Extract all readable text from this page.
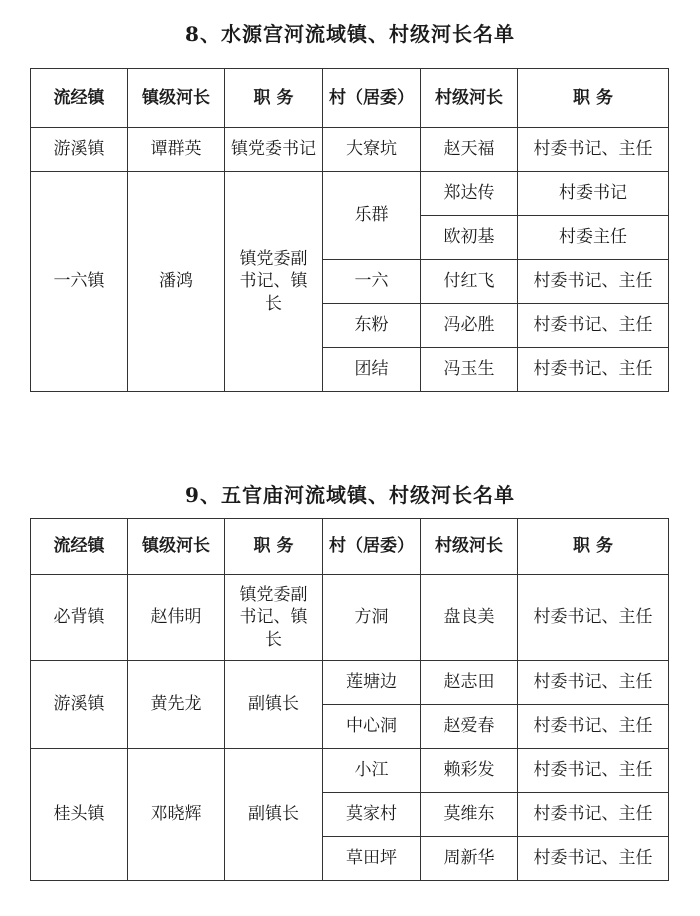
8、水源宫河流域镇、村级河长名单
流经镇	镇级河长	职 务	村（居委）	村级河长	职 务
游溪镇	谭群英	镇党委书记	大寮坑	赵天福	村委书记、主任
一六镇	潘鸿	镇党委副书记、镇长	乐群	郑达传	村委书记
				欧初基	村委主任
			一六	付红飞	村委书记、主任
			东粉	冯必胜	村委书记、主任
			团结	冯玉生	村委书记、主任
9、五官庙河流域镇、村级河长名单
流经镇	镇级河长	职 务	村（居委）	村级河长	职 务
必背镇	赵伟明	镇党委副书记、镇长	方洞	盘良美	村委书记、主任
游溪镇	黄先龙	副镇长	莲塘边	赵志田	村委书记、主任
			中心洞	赵爱春	村委书记、主任
桂头镇	邓晓辉	副镇长	小江	赖彩发	村委书记、主任
			莫家村	莫维东	村委书记、主任
			草田坪	周新华	村委书记、主任
